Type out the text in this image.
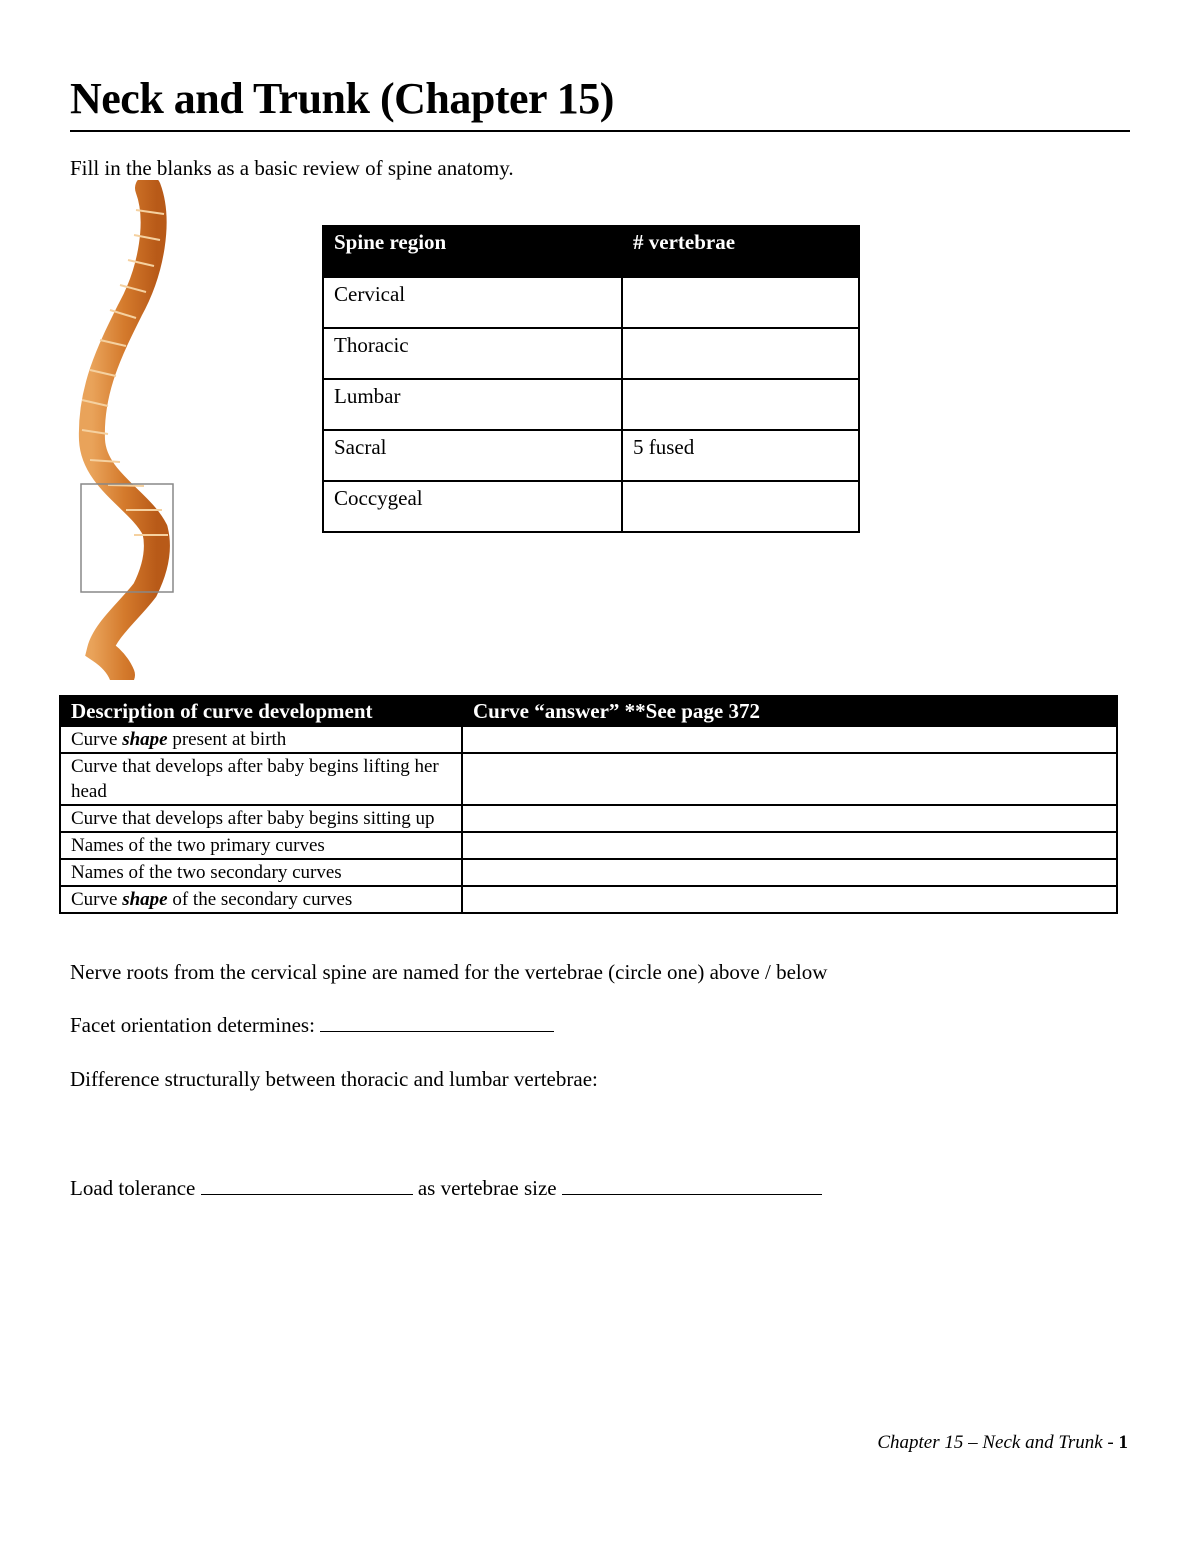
Neck and Trunk (Chapter 15)
Fill in the blanks as a basic review of spine anatomy.
Spine region	# vertebrae
Cervical	
Thoracic	
Lumbar	
Sacral	5 fused
Coccygeal	
Description of curve development	Curve “answer” **See page 372
Curve shape present at birth	
Curve that develops after baby begins lifting her head	
Curve that develops after baby begins sitting up	
Names of the two primary curves	
Names of the two secondary curves	
Curve shape of the secondary curves	
Nerve roots from the cervical spine are named for the vertebrae (circle one) above / below
Facet orientation determines:
Difference structurally between thoracic and lumbar vertebrae:
Load tolerance	as vertebrae size
Chapter 15 – Neck and Trunk - 1
